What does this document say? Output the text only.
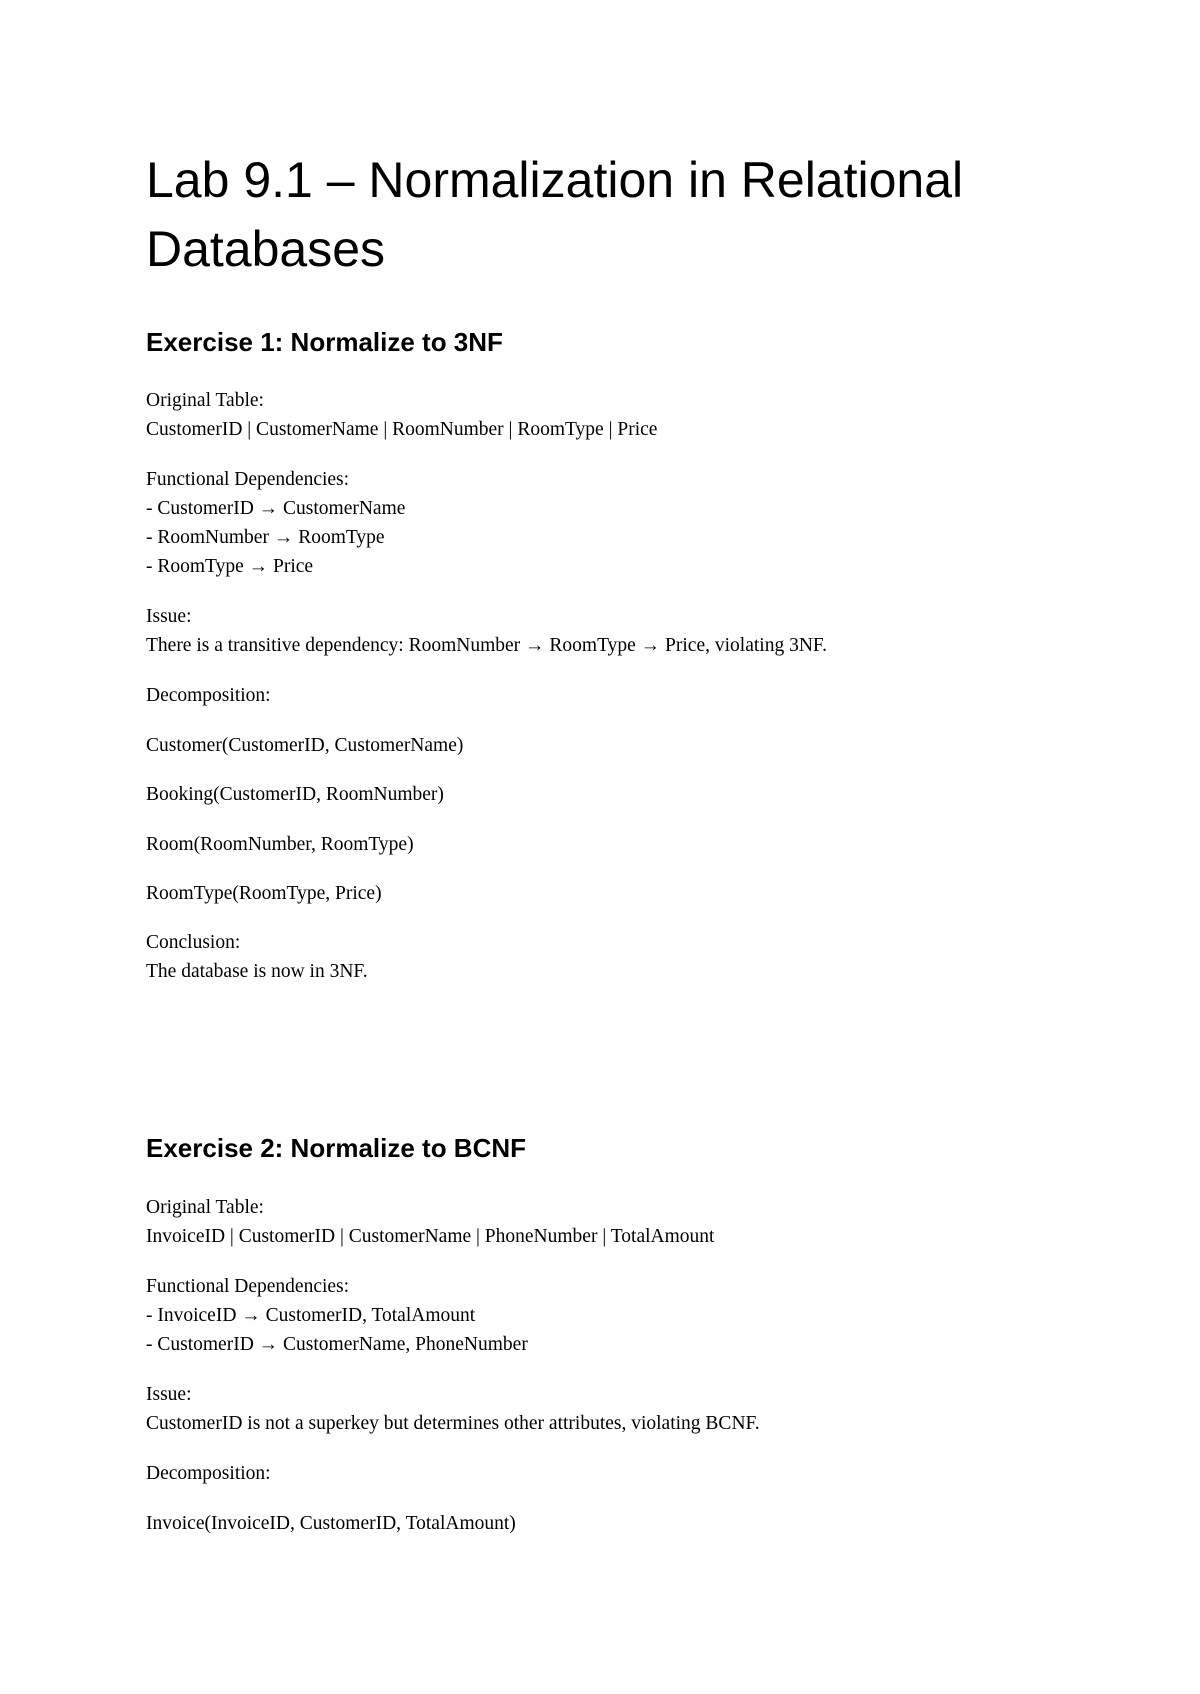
Lab 9.1 – Normalization in Relational Databases
Exercise 1: Normalize to 3NF

Original Table:

CustomerID | CustomerName | RoomNumber | RoomType | Price

Functional Dependencies:

- CustomerID → CustomerName

- RoomNumber → RoomType

- RoomType → Price

Issue:

There is a transitive dependency: RoomNumber → RoomType → Price, violating 3NF.

Decomposition:

Customer(CustomerID, CustomerName)

Booking(CustomerID, RoomNumber)

Room(RoomNumber, RoomType)

RoomType(RoomType, Price)

Conclusion:

The database is now in 3NF.

Exercise 2: Normalize to BCNF

Original Table:

InvoiceID | CustomerID | CustomerName | PhoneNumber | TotalAmount

Functional Dependencies:

- InvoiceID → CustomerID, TotalAmount

- CustomerID → CustomerName, PhoneNumber

Issue:

CustomerID is not a superkey but determines other attributes, violating BCNF.

Decomposition:

Invoice(InvoiceID, CustomerID, TotalAmount)
